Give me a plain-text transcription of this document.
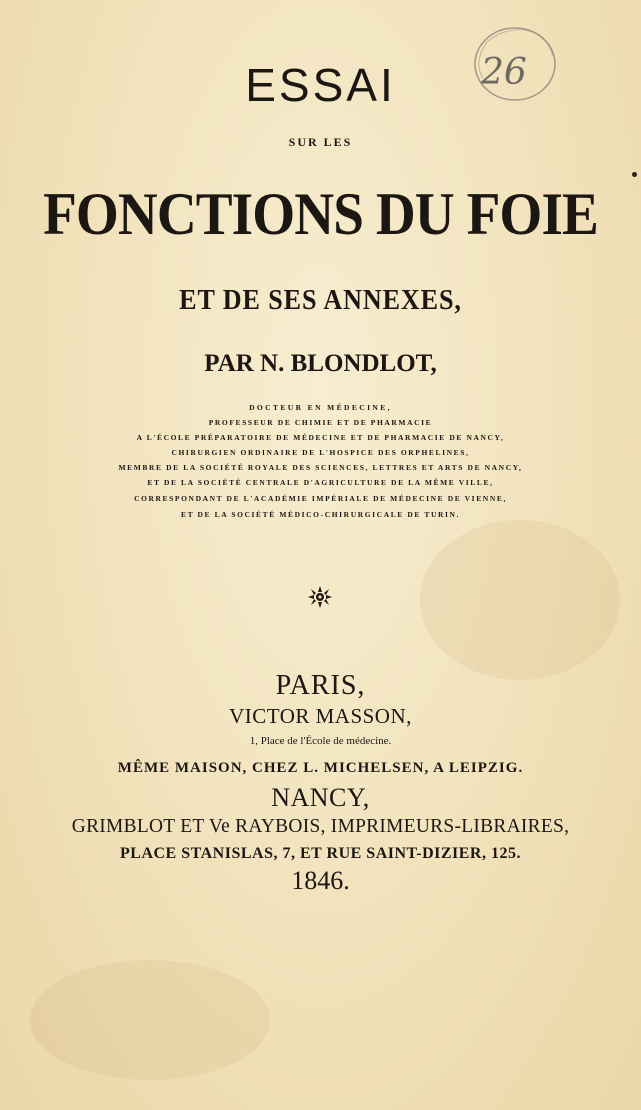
26

ESSAI

SUR LES

FONCTIONS DU FOIE

ET DE SES ANNEXES,

PAR N. BLONDLOT,

DOCTEUR EN MÉDECINE,

PROFESSEUR DE CHIMIE ET DE PHARMACIE

A L'ÉCOLE PRÉPARATOIRE DE MÉDECINE ET DE PHARMACIE DE NANCY,

CHIRURGIEN ORDINAIRE DE L'HOSPICE DES ORPHELINES,

MEMBRE DE LA SOCIÉTÉ ROYALE DES SCIENCES, LETTRES ET ARTS DE NANCY,

ET DE LA SOCIÉTÉ CENTRALE D'AGRICULTURE DE LA MÊME VILLE,

CORRESPONDANT DE L'ACADÉMIE IMPÉRIALE DE MÉDECINE DE VIENNE,

ET DE LA SOCIÉTÉ MÉDICO-CHIRURGICALE DE TURIN.

PARIS,

VICTOR MASSON,

1, Place de l'École de médecine.

MÊME MAISON, CHEZ L. MICHELSEN, A LEIPZIG.

NANCY,

GRIMBLOT ET Ve RAYBOIS, IMPRIMEURS-LIBRAIRES,

PLACE STANISLAS, 7, ET RUE SAINT-DIZIER, 125.

1846.
